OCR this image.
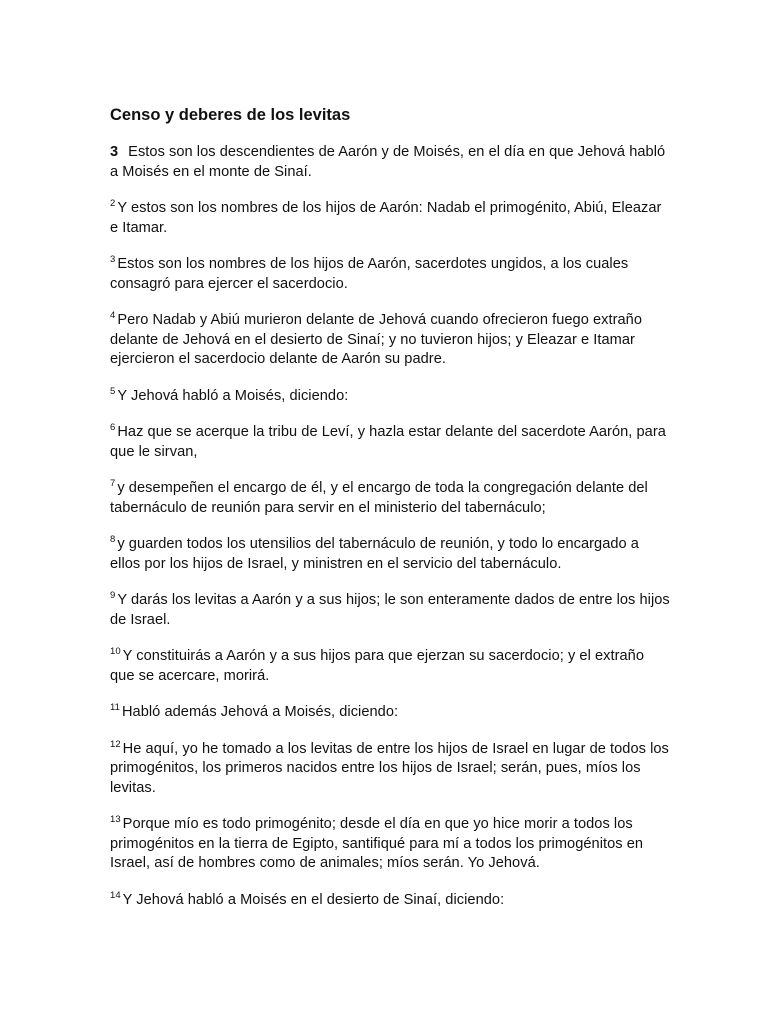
Censo y deberes de los levitas

3 Estos son los descendientes de Aarón y de Moisés, en el día en que Jehová habló a Moisés en el monte de Sinaí.

$^2$ Y estos son los nombres de los hijos de Aarón: Nadab el primogénito, Abiú, Eleazar e Itamar.

$^3$ Estos son los nombres de los hijos de Aarón, sacerdotes ungidos, a los cuales consagró para ejercer el sacerdocio.

$^4$ Pero Nadab y Abiú murieron delante de Jehová cuando ofrecieron fuego extraño delante de Jehová en el desierto de Sinaí; y no tuvieron hijos; y Eleazar e Itamar ejercieron el sacerdocio delante de Aarón su padre.

$^5$ Y Jehová habló a Moisés, diciendo:

$^6$ Haz que se acerque la tribu de Leví, y hazla estar delante del sacerdote Aarón, para que le sirvan,

$^7$ y desempeñen el encargo de él, y el encargo de toda la congregación delante del tabernáculo de reunión para servir en el ministerio del tabernáculo;

$^8$ y guarden todos los utensilios del tabernáculo de reunión, y todo lo encargado a ellos por los hijos de Israel, y ministren en el servicio del tabernáculo.

$^9$ Y darás los levitas a Aarón y a sus hijos; le son enteramente dados de entre los hijos de Israel.

$^{10}$ Y constituirás a Aarón y a sus hijos para que ejerzan su sacerdocio; y el extraño que se acercare, morirá.

$^{11}$ Habló además Jehová a Moisés, diciendo:

$^{12}$ He aquí, yo he tomado a los levitas de entre los hijos de Israel en lugar de todos los primogénitos, los primeros nacidos entre los hijos de Israel; serán, pues, míos los levitas.

$^{13}$ Porque mío es todo primogénito; desde el día en que yo hice morir a todos los primogénitos en la tierra de Egipto, santifiqué para mí a todos los primogénitos en Israel, así de hombres como de animales; míos serán. Yo Jehová.

$^{14}$ Y Jehová habló a Moisés en el desierto de Sinaí, diciendo:
